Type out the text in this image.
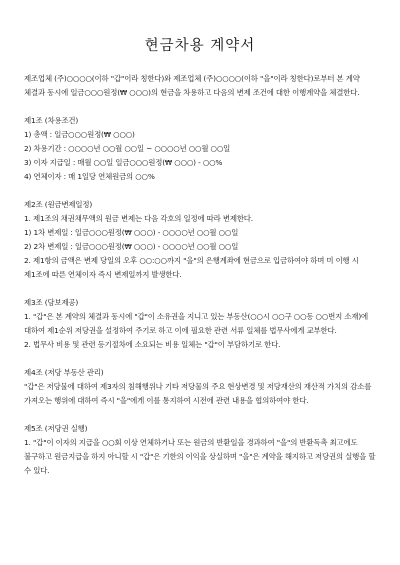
현금차용 계약서

제조업체 (주)○○○○(이하 "갑"이라 칭한다)와 제조업체 (주)○○○○(이하 "을"이라 칭한다)로부터 본 계약 체결과 동시에 일금○○○원정(₩ ○○○)의 현금을 차용하고 다음의 변제 조건에 대한 이행계약을 체결한다.

제1조 (차용조건)

1) 총액 : 일금○○○원정(₩ ○○○)

2) 차용기간 : ○○○○년 ○○월 ○○일 ~ ○○○○년 ○○월 ○○일

3) 이자 지급일 : 매월 ○○일 일금○○○원정(₩ ○○○) - ○○%

4) 연체이자 : 매 1일당 연체원금의 ○○%

제2조 (원금변제일정)

1. 제1조의 채권채무액의 원금 변제는 다음 각호의 일정에 따라 변제한다.

1) 1차 변제일 : 일금○○○원정(₩ ○○○) - ○○○○년 ○○월 ○○일

2) 2차 변제일 : 일금○○○원정(₩ ○○○) - ○○○○년 ○○월 ○○일

2. 제1항의 금액은 변제 당일의 오후 ○○:○○까지 "을"의 은행계좌에 현금으로 입금하여야 하며 미 이행 시 제1조에 따른 연체이자 즉시 변제일까지 발생한다.

제3조 (담보제공)

1. "갑"은 본 계약의 체결과 동시에 "갑"이 소유권을 지니고 있는 부동산(○○시 ○○구 ○○동 ○○번지 소재)에 대하여 제1순위 저당권을 설정하여 주기로 하고 이에 필요한 관련 서류 일체를 법무사에게 교부한다.

2. 법무사 비용 및 관련 등기절차에 소요되는 비용 일체는 "갑"이 부담하기로 한다.

제4조 (저당 부동산 관리)

"갑"은 저당물에 대하여 제3자의 침해행위나 기타 저당물의 주요 현상변경 및 저당재산의 재산적 가치의 감소를 가져오는 행위에 대하여 즉시 "을"에게 이를 통지하여 시전에 관련 내용을 협의하여야 한다.

제5조 (저당권 실행)

1. "갑"이 이자의 지급을 ○○회 이상 연체하거나 또는 원금의 반환일을 경과하여 "을"의 반환독촉 최고에도 불구하고 원금지급을 하지 아니할 시 "갑"은 기한의 이익을 상실하며 "을"은 계약을 해지하고 저당권의 실행을 할 수 있다.
